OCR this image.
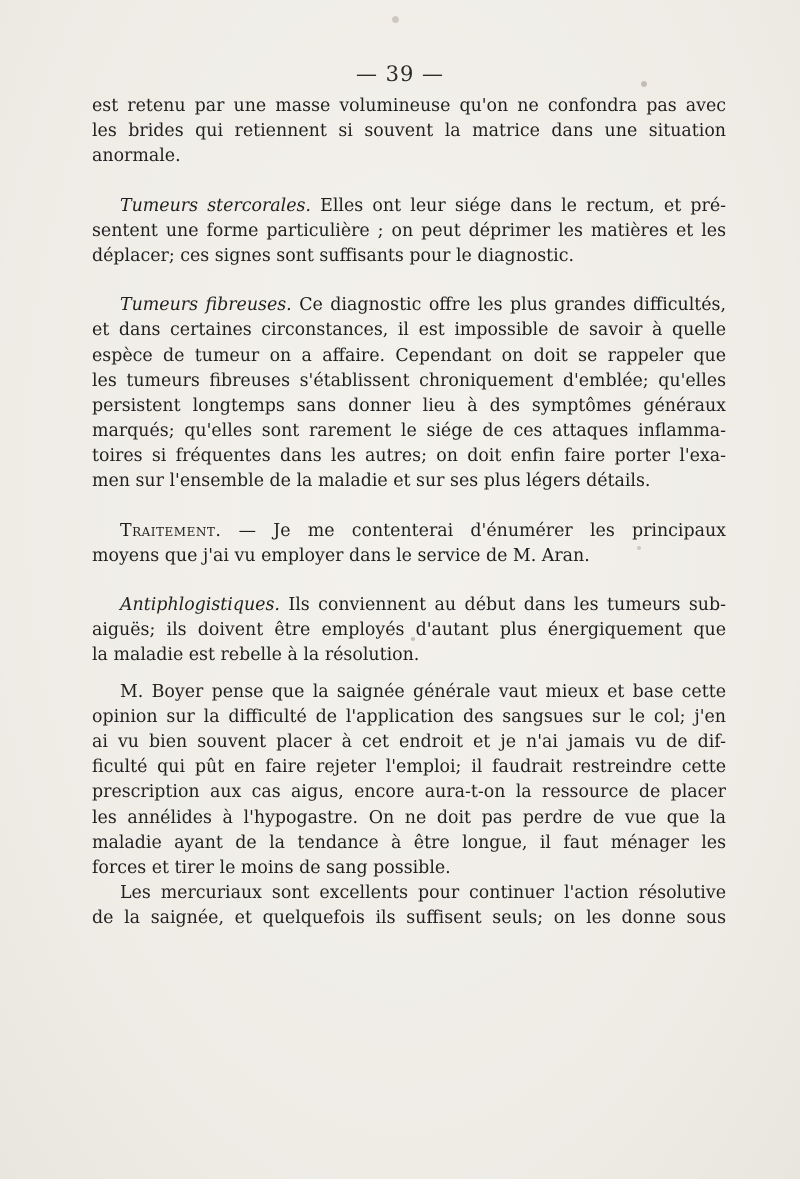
— 39 —
est retenu par une masse volumineuse qu'on ne confondra pas avec
les brides qui retiennent si souvent la matrice dans une situation
anormale.
Tumeurs stercorales. Elles ont leur siége dans le rectum, et pré-
sentent une forme particulière ; on peut déprimer les matières et les
déplacer; ces signes sont suffisants pour le diagnostic.
Tumeurs fibreuses. Ce diagnostic offre les plus grandes difficultés,
et dans certaines circonstances, il est impossible de savoir à quelle
espèce de tumeur on a affaire. Cependant on doit se rappeler que
les tumeurs fibreuses s'établissent chroniquement d'emblée; qu'elles
persistent longtemps sans donner lieu à des symptômes généraux
marqués; qu'elles sont rarement le siége de ces attaques inflamma-
toires si fréquentes dans les autres; on doit enfin faire porter l'exa-
men sur l'ensemble de la maladie et sur ses plus légers détails.
Traitement. — Je me contenterai d'énumérer les principaux
moyens que j'ai vu employer dans le service de M. Aran.
Antiphlogistiques. Ils conviennent au début dans les tumeurs sub-
aiguës; ils doivent être employés d'autant plus énergiquement que
la maladie est rebelle à la résolution.
M. Boyer pense que la saignée générale vaut mieux et base cette
opinion sur la difficulté de l'application des sangsues sur le col; j'en
ai vu bien souvent placer à cet endroit et je n'ai jamais vu de dif-
ficulté qui pût en faire rejeter l'emploi; il faudrait restreindre cette
prescription aux cas aigus, encore aura-t-on la ressource de placer
les annélides à l'hypogastre. On ne doit pas perdre de vue que la
maladie ayant de la tendance à être longue, il faut ménager les
forces et tirer le moins de sang possible.
Les mercuriaux sont excellents pour continuer l'action résolutive
de la saignée, et quelquefois ils suffisent seuls; on les donne sous
